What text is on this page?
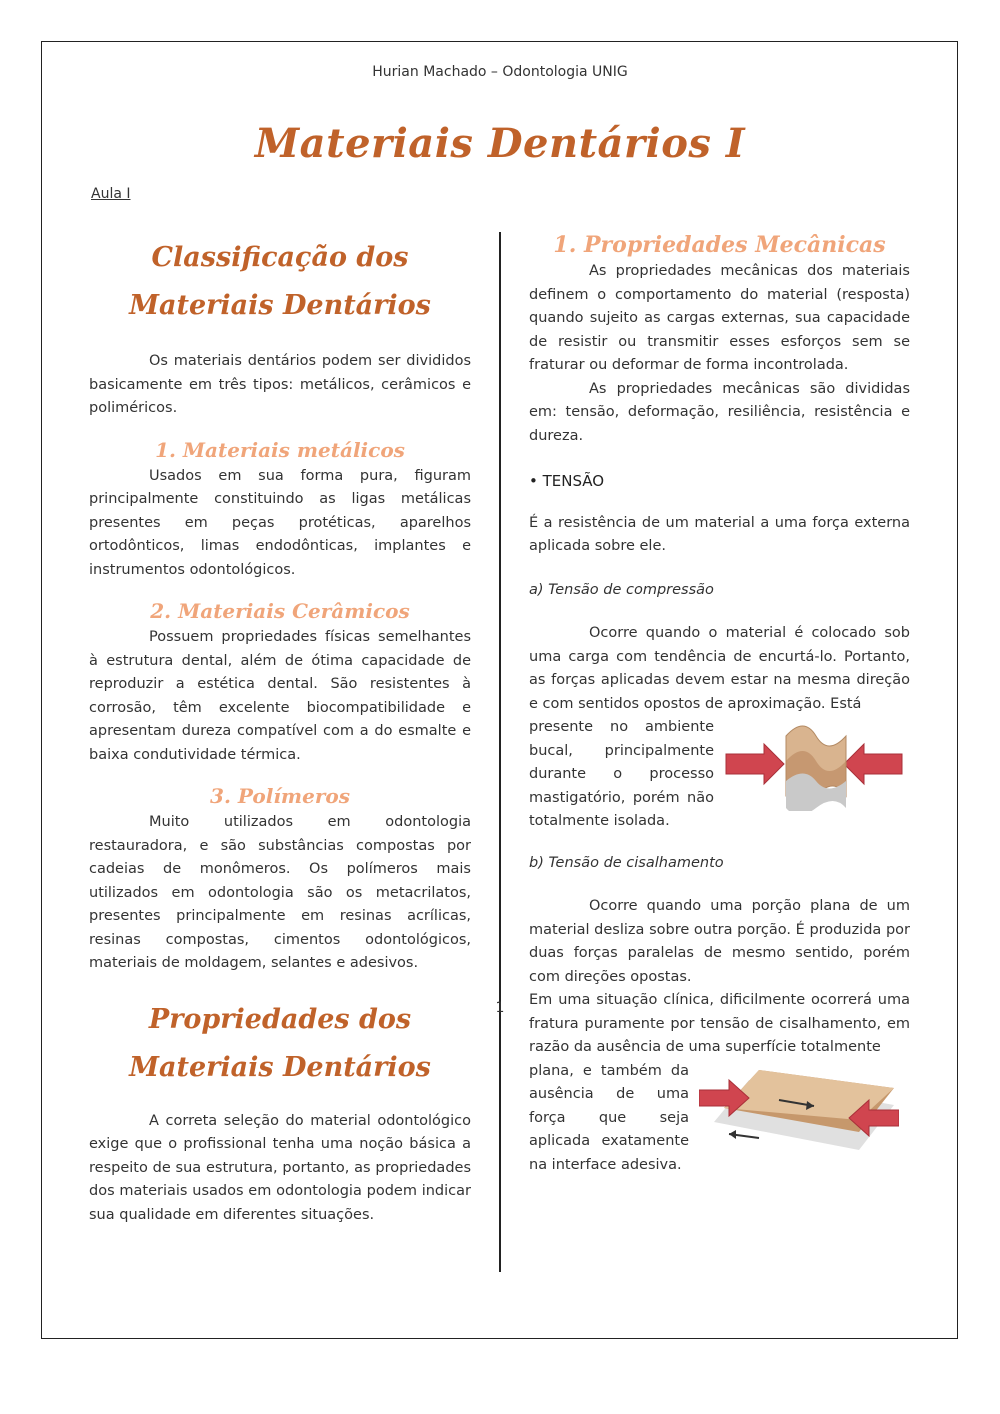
Hurian Machado – Odontologia UNIG
Materiais Dentários I
Aula I

Classificação dos

Materiais Dentários

Os materiais dentários podem ser divididos basicamente em três tipos: metálicos, cerâmicos e poliméricos.

1. Materiais metálicos

Usados em sua forma pura, figuram principalmente constituindo as ligas metálicas presentes em peças protéticas, aparelhos ortodônticos, limas endodônticas, implantes e instrumentos odontológicos.

2. Materiais Cerâmicos

Possuem propriedades físicas semelhantes à estrutura dental, além de ótima capacidade de reproduzir a estética dental. São resistentes à corrosão, têm excelente biocompatibilidade e apresentam dureza compatível com a do esmalte e baixa condutividade térmica.

3. Polímeros

Muito utilizados em odontologia restauradora, e são substâncias compostas por cadeias de monômeros. Os polímeros mais utilizados em odontologia são os metacrilatos, presentes principalmente em resinas acrílicas, resinas compostas, cimentos odontológicos, materiais de moldagem, selantes e adesivos.

Propriedades dos

Materiais Dentários

A correta seleção do material odontológico exige que o profissional tenha uma noção básica a respeito de sua estrutura, portanto, as propriedades dos materiais usados em odontologia podem indicar sua qualidade em diferentes situações.

1. Propriedades Mecânicas

As propriedades mecânicas dos materiais definem o comportamento do material (resposta) quando sujeito as cargas externas, sua capacidade de resistir ou transmitir esses esforços sem se fraturar ou deformar de forma incontrolada.

As propriedades mecânicas são divididas em: tensão, deformação, resiliência, resistência e dureza.

• TENSÃO

É a resistência de um material a uma força externa aplicada sobre ele.

a) Tensão de compressão

Ocorre quando o material é colocado sob uma carga com tendência de encurtá-lo. Portanto, as forças aplicadas devem estar na mesma direção e com sentidos opostos de aproximação. Está

presente no ambiente bucal, principalmente durante o processo mastigatório, porém não totalmente isolada.

b) Tensão de cisalhamento

Ocorre quando uma porção plana de um material desliza sobre outra porção. É produzida por duas forças paralelas de mesmo sentido, porém com direções opostas.

Em uma situação clínica, dificilmente ocorrerá uma fratura puramente por tensão de cisalhamento, em razão da ausência de uma superfície totalmente

plana, e também da ausência de uma força que seja aplicada exatamente na interface adesiva.

1
